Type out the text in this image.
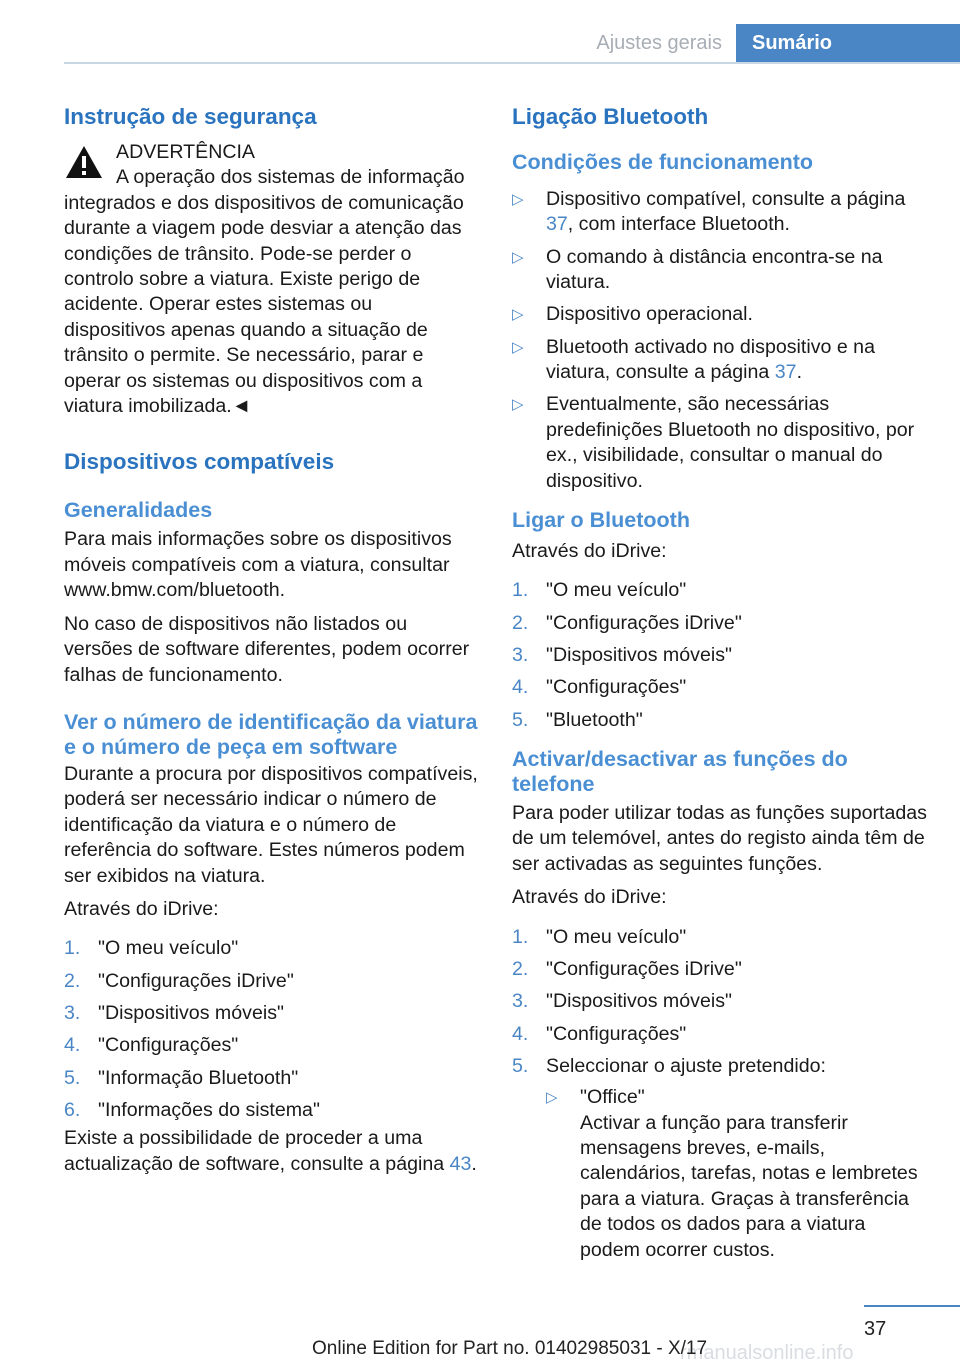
Ajustes gerais	Sumário
Instrução de segurança
ADVERTÊNCIA

A operação dos sistemas de informação integrados e dos dispositivos de comunicação durante a viagem pode desviar a atenção das condições de trânsito. Pode-se perder o controlo sobre a viatura. Existe perigo de acidente. Operar estes sistemas ou dispositivos apenas quando a situação de trânsito o permite. Se necessário, parar e operar os sistemas ou dispositivos com a viatura imobilizada.◄

Dispositivos compatíveis
Generalidades

Para mais informações sobre os dispositivos móveis compatíveis com a viatura, consultar www.bmw.com/bluetooth.

No caso de dispositivos não listados ou versões de software diferentes, podem ocorrer falhas de funcionamento.

Ver o número de identificação da viatura e o número de peça em software

Durante a procura por dispositivos compatíveis, poderá ser necessário indicar o número de identificação da viatura e o número de referência do software. Estes números podem ser exibidos na viatura.

Através do iDrive:

1. "O meu veículo"
2. "Configurações iDrive"
3. "Dispositivos móveis"
4. "Configurações"
5. "Informação Bluetooth"
6. "Informações do sistema"

Existe a possibilidade de proceder a uma actualização de software, consulte a página 43.

Ligação Bluetooth
Condições de funcionamento
▷ Dispositivo compatível, consulte a página 37, com interface Bluetooth.
▷ O comando à distância encontra-se na viatura.
▷ Dispositivo operacional.
▷ Bluetooth activado no dispositivo e na viatura, consulte a página 37.
▷ Eventualmente, são necessárias predefinições Bluetooth no dispositivo, por ex., visibilidade, consultar o manual do dispositivo.
Ligar o Bluetooth

Através do iDrive:

1. "O meu veículo"
2. "Configurações iDrive"
3. "Dispositivos móveis"
4. "Configurações"
5. "Bluetooth"
Activar/desactivar as funções do telefone

Para poder utilizar todas as funções suportadas de um telemóvel, antes do registo ainda têm de ser activadas as seguintes funções.

Através do iDrive:

1. "O meu veículo"
2. "Configurações iDrive"
3. "Dispositivos móveis"
4. "Configurações"
5. Seleccionar o ajuste pretendido:
▷ "Office"
Activar a função para transferir mensagens breves, e-mails, calendários, tarefas, notas e lembretes para a viatura. Graças à transferência de todos os dados para a viatura podem ocorrer custos.
37
rmanualsonline.info
Online Edition for Part no. 01402985031 - X/17
